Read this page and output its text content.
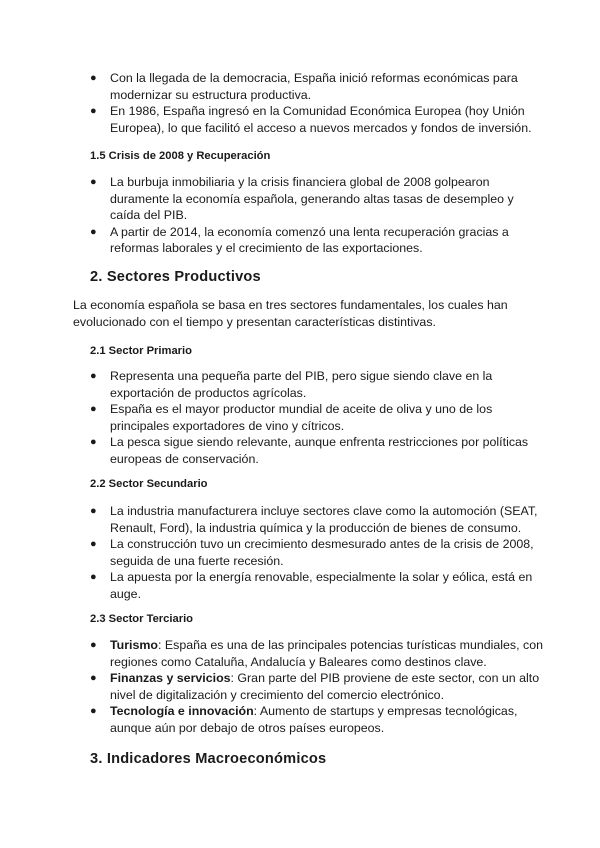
● Con la llegada de la democracia, España inició reformas económicas para modernizar su estructura productiva.
● En 1986, España ingresó en la Comunidad Económica Europea (hoy Unión Europea), lo que facilitó el acceso a nuevos mercados y fondos de inversión.
1.5 Crisis de 2008 y Recuperación
● La burbuja inmobiliaria y la crisis financiera global de 2008 golpearon duramente la economía española, generando altas tasas de desempleo y caída del PIB.
● A partir de 2014, la economía comenzó una lenta recuperación gracias a reformas laborales y el crecimiento de las exportaciones.
2. Sectores Productivos
La economía española se basa en tres sectores fundamentales, los cuales han evolucionado con el tiempo y presentan características distintivas.
2.1 Sector Primario
● Representa una pequeña parte del PIB, pero sigue siendo clave en la exportación de productos agrícolas.
● España es el mayor productor mundial de aceite de oliva y uno de los principales exportadores de vino y cítricos.
● La pesca sigue siendo relevante, aunque enfrenta restricciones por políticas europeas de conservación.
2.2 Sector Secundario
● La industria manufacturera incluye sectores clave como la automoción (SEAT, Renault, Ford), la industria química y la producción de bienes de consumo.
● La construcción tuvo un crecimiento desmesurado antes de la crisis de 2008, seguida de una fuerte recesión.
● La apuesta por la energía renovable, especialmente la solar y eólica, está en auge.
2.3 Sector Terciario
● Turismo: España es una de las principales potencias turísticas mundiales, con regiones como Cataluña, Andalucía y Baleares como destinos clave.
● Finanzas y servicios: Gran parte del PIB proviene de este sector, con un alto nivel de digitalización y crecimiento del comercio electrónico.
● Tecnología e innovación: Aumento de startups y empresas tecnológicas, aunque aún por debajo de otros países europeos.
3. Indicadores Macroeconómicos
